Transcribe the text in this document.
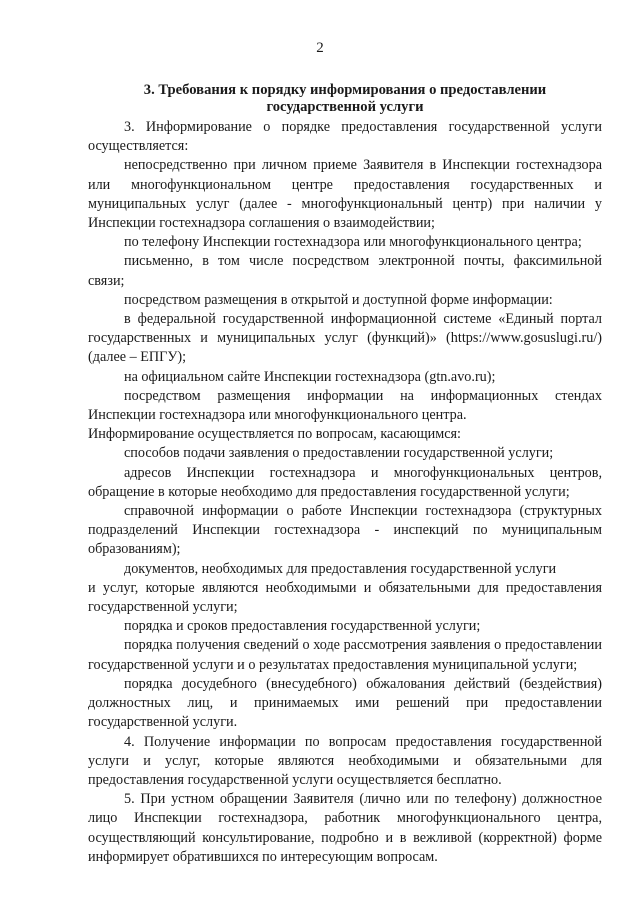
2
3. Требования к порядку информирования о предоставлении
государственной услуги

3. Информирование о порядке предоставления государственной услуги осуществляется:

непосредственно при личном приеме Заявителя в Инспекции гостехнадзора или многофункциональном центре предоставления государственных и муниципальных услуг (далее - многофункциональный центр) при наличии у Инспекции гостехнадзора соглашения о взаимодействии;

по телефону Инспекции гостехнадзора или многофункционального центра;

письменно, в том числе посредством электронной почты, факсимильной связи;

посредством размещения в открытой и доступной форме информации:

в федеральной государственной информационной системе «Единый портал государственных и муниципальных услуг (функций)» (https://www.gosuslugi.ru/) (далее – ЕПГУ);

на официальном сайте Инспекции гостехнадзора (gtn.avo.ru);

посредством размещения информации на информационных стендах Инспекции гостехнадзора или многофункционального центра.

Информирование осуществляется по вопросам, касающимся:

способов подачи заявления о предоставлении государственной услуги;

адресов Инспекции гостехнадзора и многофункциональных центров, обращение в которые необходимо для предоставления государственной услуги;

справочной информации о работе Инспекции гостехнадзора (структурных подразделений Инспекции гостехнадзора - инспекций по муниципальным образованиям);

документов, необходимых для предоставления государственной услуги

и услуг, которые являются необходимыми и обязательными для предоставления государственной услуги;

порядка и сроков предоставления государственной услуги;

порядка получения сведений о ходе рассмотрения заявления о предоставлении государственной услуги и о результатах предоставления муниципальной услуги;

порядка досудебного (внесудебного) обжалования действий (бездействия) должностных лиц, и принимаемых ими решений при предоставлении государственной услуги.

4. Получение информации по вопросам предоставления государственной услуги и услуг, которые являются необходимыми и обязательными для предоставления государственной услуги осуществляется бесплатно.

5. При устном обращении Заявителя (лично или по телефону) должностное лицо Инспекции гостехнадзора, работник многофункционального центра, осуществляющий консультирование, подробно и в вежливой (корректной) форме информирует обратившихся по интересующим вопросам.
